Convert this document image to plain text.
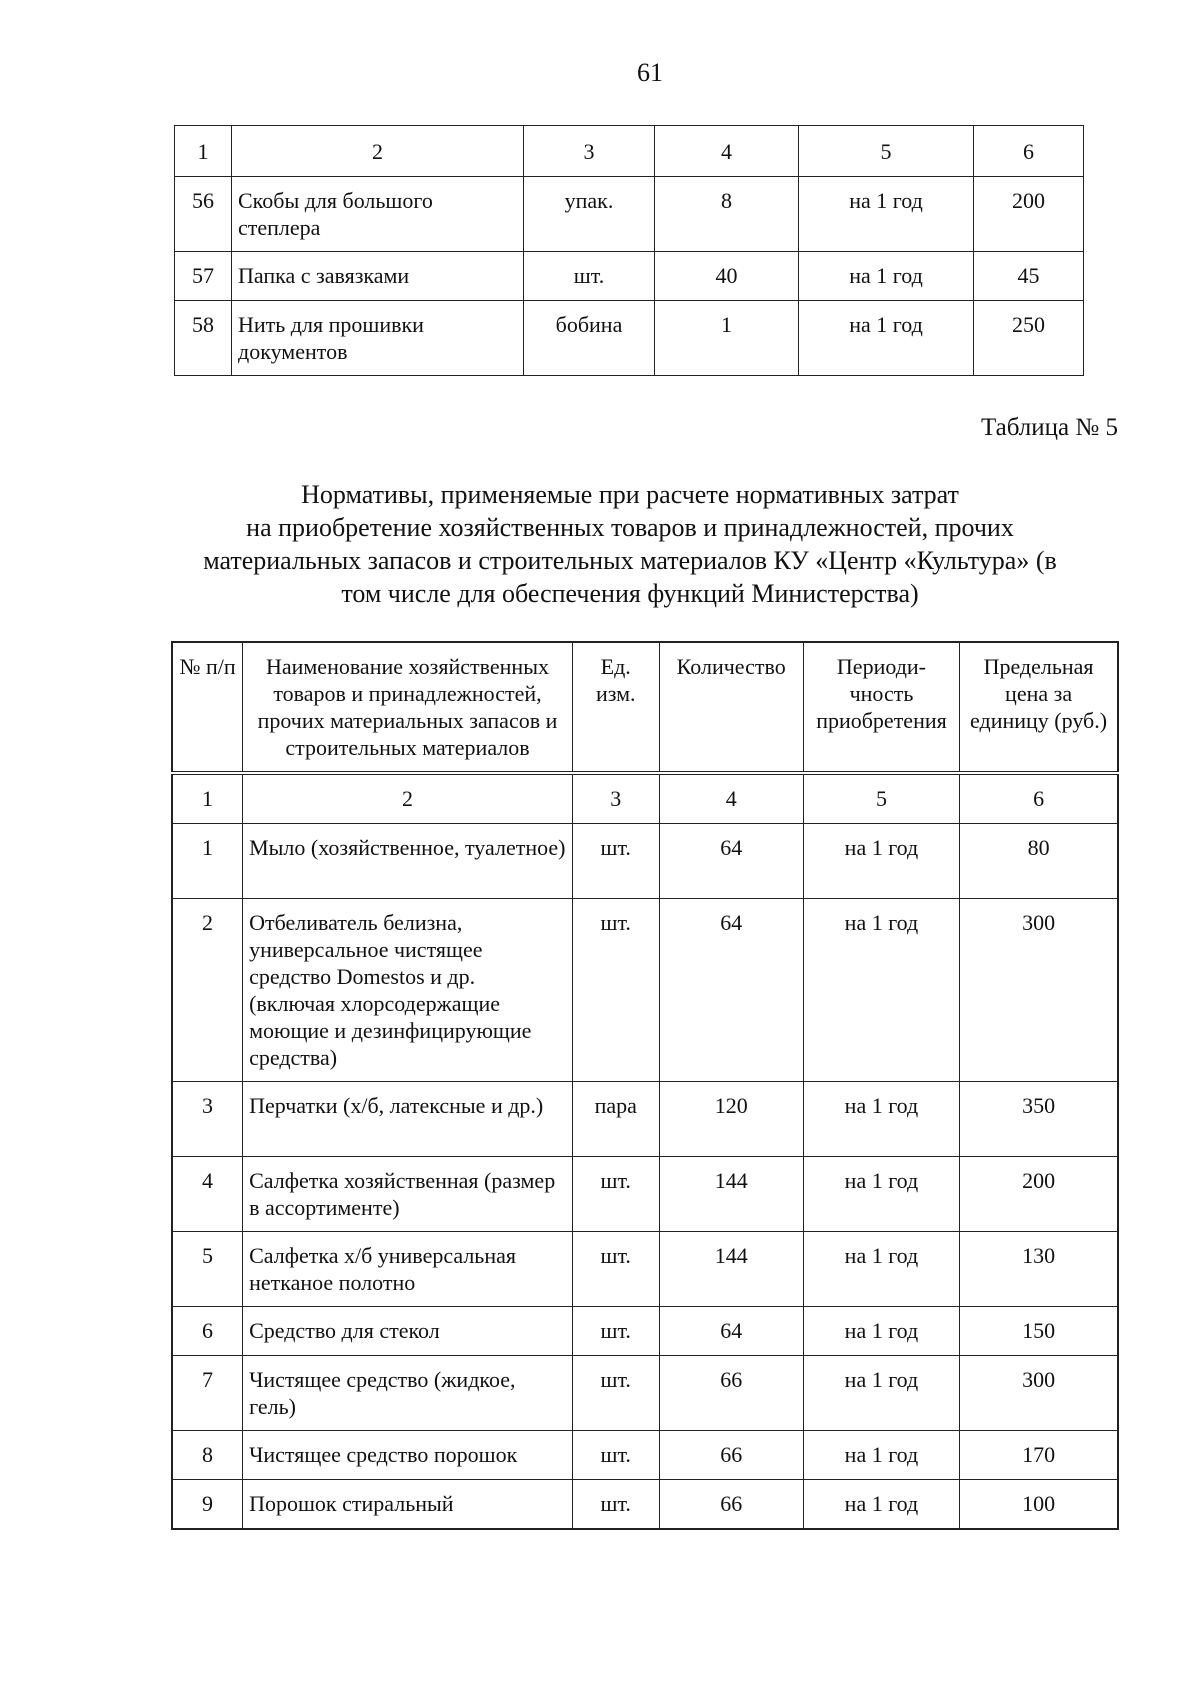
61
1	2	3	4	5	6
56	Скобы для большого степлера	упак.	8	на 1 год	200
57	Папка с завязками	шт.	40	на 1 год	45
58	Нить для прошивки документов	бобина	1	на 1 год	250
Таблица № 5
Нормативы, применяемые при расчете нормативных затрат
на приобретение хозяйственных товаров и принадлежностей, прочих
материальных запасов и строительных материалов КУ «Центр «Культура» (в
том числе для обеспечения функций Министерства)
№ п/п	Наименование хозяйственных товаров и принадлежностей, прочих материальных запасов и строительных материалов	Ед. изм.	Количество	Периоди-чность приобретения	Предельная цена за единицу (руб.)
1	2	3	4	5	6
1	Мыло (хозяйственное, туалетное)	шт.	64	на 1 год	80
2	Отбеливатель белизна, универсальное чистящее средство Domestos и др. (включая хлорсодержащие моющие и дезинфицирующие средства)	шт.	64	на 1 год	300
3	Перчатки (х/б, латексные и др.)	пара	120	на 1 год	350
4	Салфетка хозяйственная (размер в ассортименте)	шт.	144	на 1 год	200
5	Салфетка х/б универсальная нетканое полотно	шт.	144	на 1 год	130
6	Средство для стекол	шт.	64	на 1 год	150
7	Чистящее средство (жидкое, гель)	шт.	66	на 1 год	300
8	Чистящее средство порошок	шт.	66	на 1 год	170
9	Порошок стиральный	шт.	66	на 1 год	100
